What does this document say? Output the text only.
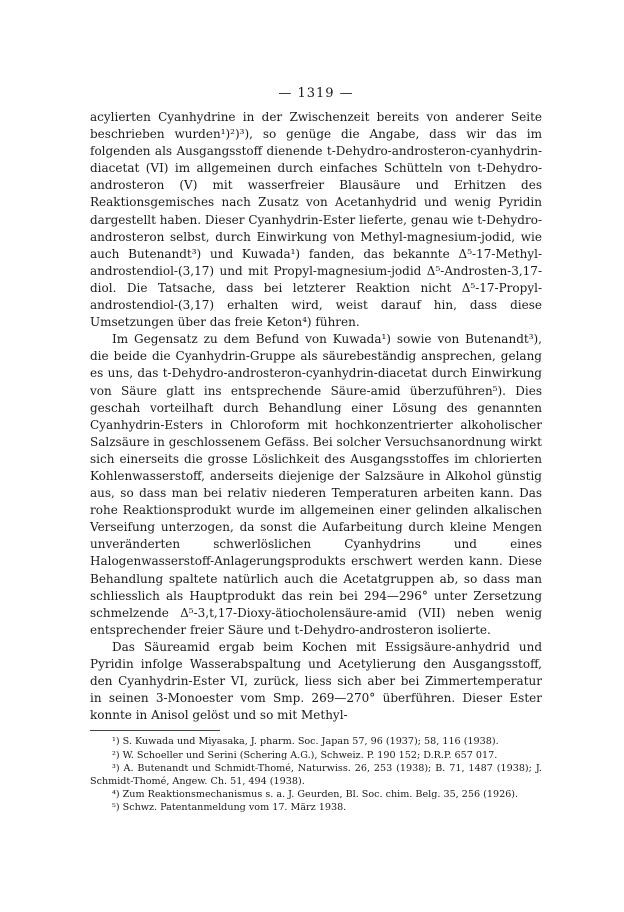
— 1319 —

acylierten Cyanhydrine in der Zwischenzeit bereits von anderer Seite beschrieben wurden¹)²)³), so genüge die Angabe, dass wir das im folgenden als Ausgangsstoff dienende t-Dehydro-androsteron-cyanhydrin-diacetat (VI) im allgemeinen durch einfaches Schütteln von t-Dehydro-androsteron (V) mit wasserfreier Blausäure und Erhitzen des Reaktionsgemisches nach Zusatz von Acetanhydrid und wenig Pyridin dargestellt haben. Dieser Cyanhydrin-Ester lieferte, genau wie t-Dehydro-androsteron selbst, durch Einwirkung von Methyl-magnesium-jodid, wie auch Butenandt³) und Kuwada¹) fanden, das bekannte Δ⁵-17-Methyl-androstendiol-(3,17) und mit Propyl-magnesium-jodid Δ⁵-Androsten-3,17-diol. Die Tatsache, dass bei letzterer Reaktion nicht Δ⁵-17-Propyl-androstendiol-(3,17) erhalten wird, weist darauf hin, dass diese Umsetzungen über das freie Keton⁴) führen.

Im Gegensatz zu dem Befund von Kuwada¹) sowie von Butenandt³), die beide die Cyanhydrin-Gruppe als säurebeständig ansprechen, gelang es uns, das t-Dehydro-androsteron-cyanhydrin-diacetat durch Einwirkung von Säure glatt ins entsprechende Säure-amid überzuführen⁵). Dies geschah vorteilhaft durch Behandlung einer Lösung des genannten Cyanhydrin-Esters in Chloroform mit hochkonzentrierter alkoholischer Salzsäure in geschlossenem Gefäss. Bei solcher Versuchsanordnung wirkt sich einerseits die grosse Löslichkeit des Ausgangsstoffes im chlorierten Kohlenwasserstoff, anderseits diejenige der Salzsäure in Alkohol günstig aus, so dass man bei relativ niederen Temperaturen arbeiten kann. Das rohe Reaktionsprodukt wurde im allgemeinen einer gelinden alkalischen Verseifung unterzogen, da sonst die Aufarbeitung durch kleine Mengen unveränderten schwerlöslichen Cyanhydrins und eines Halogenwasserstoff-Anlagerungsprodukts erschwert werden kann. Diese Behandlung spaltete natürlich auch die Acetatgruppen ab, so dass man schliesslich als Hauptprodukt das rein bei 294—296° unter Zersetzung schmelzende Δ⁵-3,t,17-Dioxy-ätiocholensäure-amid (VII) neben wenig entsprechender freier Säure und t-Dehydro-androsteron isolierte.

Das Säureamid ergab beim Kochen mit Essigsäure-anhydrid und Pyridin infolge Wasserabspaltung und Acetylierung den Ausgangsstoff, den Cyanhydrin-Ester VI, zurück, liess sich aber bei Zimmertemperatur in seinen 3-Monoester vom Smp. 269—270° überführen. Dieser Ester konnte in Anisol gelöst und so mit Methyl-

¹) S. Kuwada und Miyasaka, J. pharm. Soc. Japan 57, 96 (1937); 58, 116 (1938).

²) W. Schoeller und Serini (Schering A.G.), Schweiz. P. 190 152; D.R.P. 657 017.

³) A. Butenandt und Schmidt-Thomé, Naturwiss. 26, 253 (1938); B. 71, 1487 (1938); J. Schmidt-Thomé, Angew. Ch. 51, 494 (1938).

⁴) Zum Reaktionsmechanismus s. a. J. Geurden, Bl. Soc. chim. Belg. 35, 256 (1926).

⁵) Schwz. Patentanmeldung vom 17. März 1938.
